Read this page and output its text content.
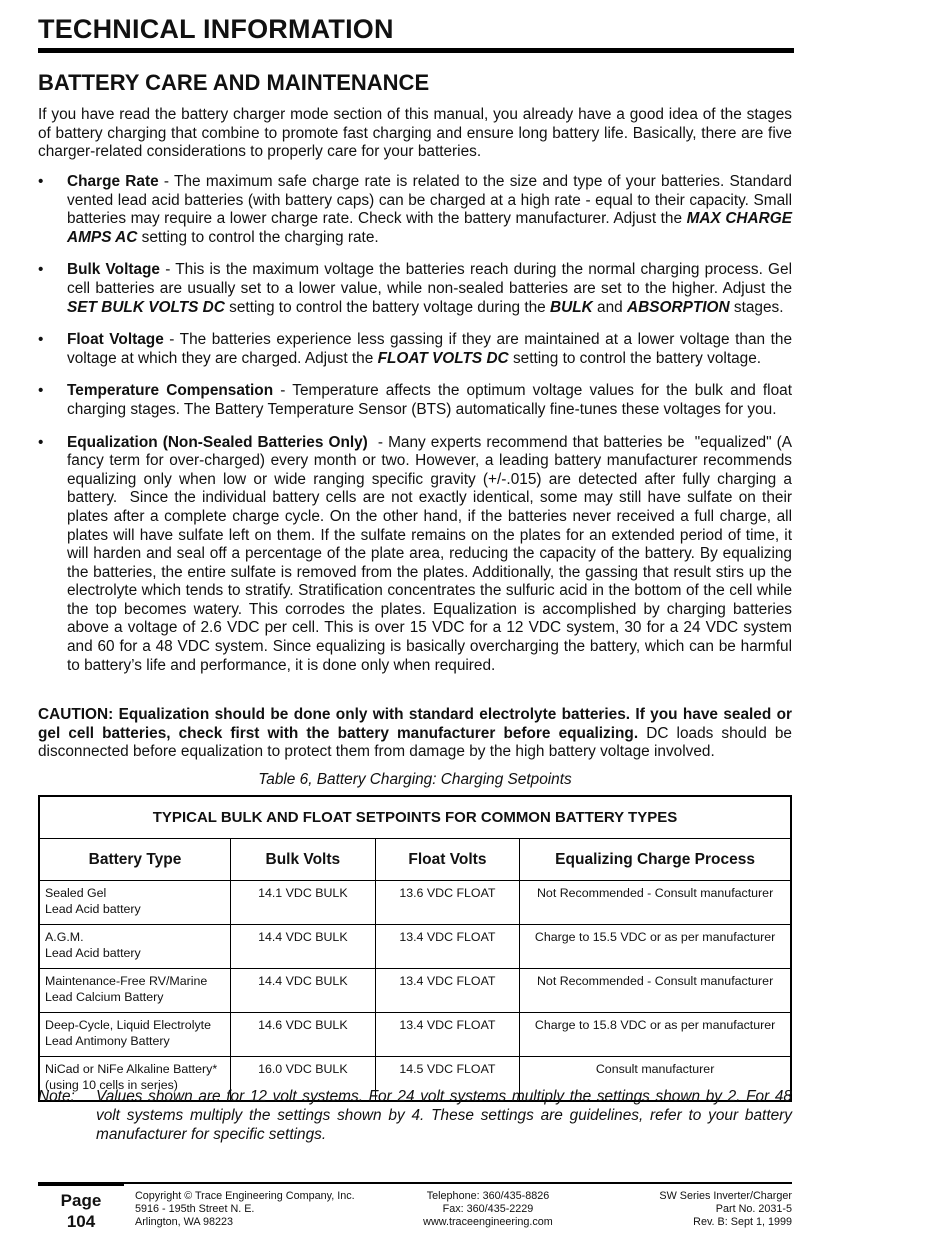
TECHNICAL INFORMATION
BATTERY CARE AND MAINTENANCE

If you have read the battery charger mode section of this manual, you already have a good idea of the stages of battery charging that combine to promote fast charging and ensure long battery life. Basically, there are five charger-related considerations to properly care for your batteries.

• Charge Rate - The maximum safe charge rate is related to the size and type of your batteries. Standard vented lead acid batteries (with battery caps) can be charged at a high rate - equal to their capacity. Small batteries may require a lower charge rate. Check with the battery manufacturer. Adjust the MAX CHARGE AMPS AC setting to control the charging rate.
• Bulk Voltage - This is the maximum voltage the batteries reach during the normal charging process. Gel cell batteries are usually set to a lower value, while non-sealed batteries are set to the higher. Adjust the SET BULK VOLTS DC setting to control the battery voltage during the BULK and ABSORPTION stages.
• Float Voltage - The batteries experience less gassing if they are maintained at a lower voltage than the voltage at which they are charged. Adjust the FLOAT VOLTS DC setting to control the battery voltage.
• Temperature Compensation - Temperature affects the optimum voltage values for the bulk and float charging stages. The Battery Temperature Sensor (BTS) automatically fine-tunes these voltages for you.
• Equalization (Non-Sealed Batteries Only)  - Many experts recommend that batteries be  "equalized" (A fancy term for over-charged) every month or two. However, a leading battery manufacturer recommends equalizing only when low or wide ranging specific gravity (+/-.015) are detected after fully charging a battery.  Since the individual battery cells are not exactly identical, some may still have sulfate on their plates after a complete charge cycle. On the other hand, if the batteries never received a full charge, all plates will have sulfate left on them. If the sulfate remains on the plates for an extended period of time, it will harden and seal off a percentage of the plate area, reducing the capacity of the battery. By equalizing the batteries, the entire sulfate is removed from the plates. Additionally, the gassing that result stirs up the electrolyte which tends to stratify. Stratification concentrates the sulfuric acid in the bottom of the cell while the top becomes watery. This corrodes the plates. Equalization is accomplished by charging batteries above a voltage of 2.6 VDC per cell. This is over 15 VDC for a 12 VDC system, 30 for a 24 VDC system and 60 for a 48 VDC system. Since equalizing is basically overcharging the battery, which can be harmful to battery’s life and performance, it is done only when required.

CAUTION: Equalization should be done only with standard electrolyte batteries. If you have sealed or gel cell batteries, check first with the battery manufacturer before equalizing. DC loads should be disconnected before equalization to protect them from damage by the high battery voltage involved.

Table 6, Battery Charging: Charging Setpoints
TYPICAL BULK AND FLOAT SETPOINTS FOR COMMON BATTERY TYPES			
Battery Type	Bulk Volts	Float Volts	Equalizing Charge Process

Sealed Gel
Lead Acid battery	14.1 VDC BULK	13.6 VDC FLOAT	Not Recommended - Consult manufacturer

A.G.M.
Lead Acid battery	14.4 VDC BULK	13.4 VDC FLOAT	Charge to 15.5 VDC or as per manufacturer

Maintenance-Free RV/Marine
Lead Calcium Battery	14.4 VDC BULK	13.4 VDC FLOAT	Not Recommended - Consult manufacturer

Deep-Cycle, Liquid Electrolyte
Lead Antimony Battery	14.6 VDC BULK	13.4 VDC FLOAT	Charge to 15.8 VDC or as per manufacturer

NiCad or NiFe Alkaline Battery*
(using 10 cells in series)	16.0 VDC BULK	14.5 VDC FLOAT	Consult manufacturer
Note: Values shown are for 12 volt systems. For 24 volt systems multiply the settings shown by 2. For 48 volt systems multiply the settings shown by 4. These settings are guidelines, refer to your battery manufacturer for specific settings.
Page
104
Copyright © Trace Engineering Company, Inc.
5916 - 195th Street N. E.
Arlington, WA 98223
Telephone: 360/435-8826
Fax: 360/435-2229
www.traceengineering.com
SW Series Inverter/Charger
Part No. 2031-5
Rev. B: Sept 1, 1999
